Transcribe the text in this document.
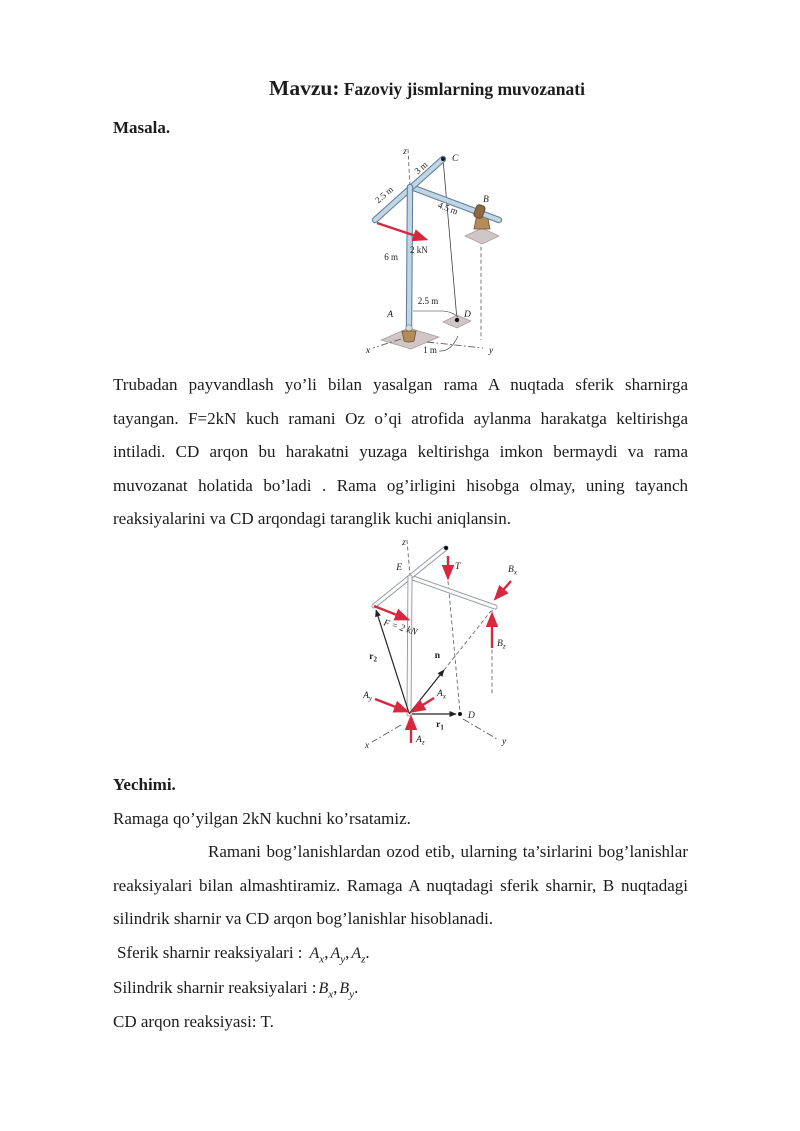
Mavzu: Fazoviy jismlarning muvozanati

Masala.

z
C
B
A	D
x	y
3 m
2.5 m
4.5 m
6 m
2.5 m
1 m
2 kN

Trubadan payvandlash yo’li bilan yasalgan rama A nuqtada sferik sharnirga tayangan. F=2kN kuch ramani Oz o’qi atrofida aylanma harakatga keltirishga intiladi. CD arqon bu harakatni yuzaga keltirishga imkon bermaydi va rama muvozanat holatida bo’ladi . Rama og’irligini hisobga olmay, uning tayanch reaksiyalarini va CD arqondagi taranglik kuchi aniqlansin.

z
E	T	$B_x$
$B_z$
F = 2 kN
$r_2$	n
$A_y$	$A_x$
$A_z$
$r_1$
D
x	y

Yechimi.

Ramaga qo’yilgan 2kN kuchni ko’rsatamiz.

Ramani bog’lanishlardan ozod etib, ularning ta’sirlarini bog’lanishlar reaksiyalari bilan almashtiramiz. Ramaga A nuqtadagi sferik sharnir, B nuqtadagi silindrik sharnir va CD arqon bog’lanishlar hisoblanadi.

Sferik sharnir reaksiyalari : $A_x$, $A_y$, $A_z$.

Silindrik sharnir reaksiyalari : $B_x$, $B_y$.

CD arqon reaksiyasi: T.
